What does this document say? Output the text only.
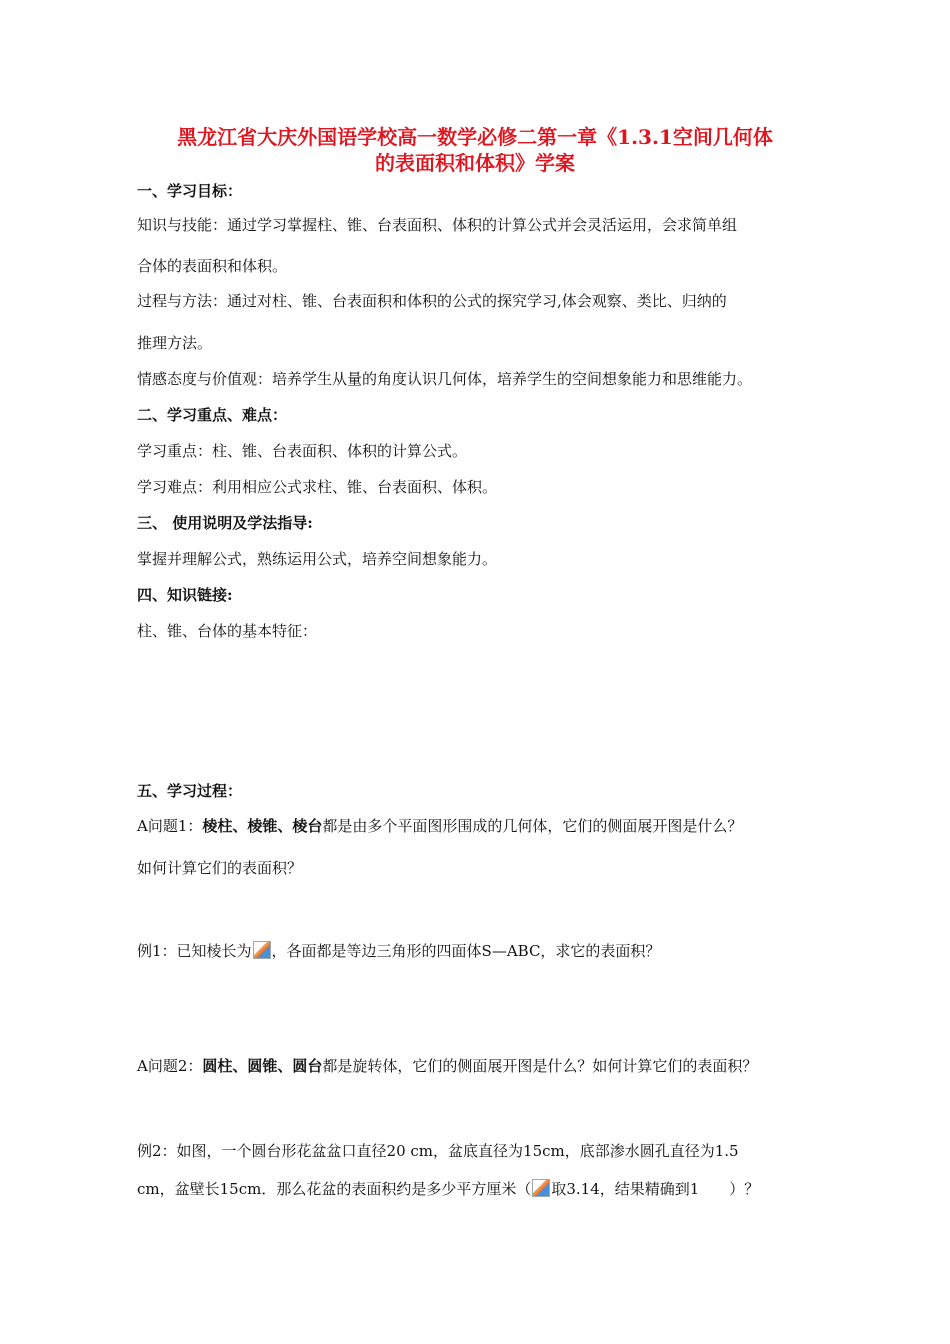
黑龙江省大庆外国语学校高一数学必修二第一章《1.3.1空间几何体
的表面积和体积》学案
一、学习目标：
知识与技能：通过学习掌握柱、锥、台表面积、体积的计算公式并会灵活运用，会求简单组
合体的表面积和体积。
过程与方法：通过对柱、锥、台表面积和体积的公式的探究学习,体会观察、类比、归纳的
推理方法。
情感态度与价值观：培养学生从量的角度认识几何体，培养学生的空间想象能力和思维能力。
二、学习重点、难点：
学习重点：柱、锥、台表面积、体积的计算公式。
学习难点：利用相应公式求柱、锥、台表面积、体积。
三、 使用说明及学法指导:
掌握并理解公式，熟练运用公式，培养空间想象能力。
四、知识链接:
柱、锥、台体的基本特征：
五、学习过程：
A问题1：棱柱、棱锥、棱台都是由多个平面图形围成的几何体，它们的侧面展开图是什么？
如何计算它们的表面积？
例1：已知棱长为 ，各面都是等边三角形的四面体S—ABC，求它的表面积？
A问题2：圆柱、圆锥、圆台都是旋转体，它们的侧面展开图是什么？如何计算它们的表面积？
例2：如图，一个圆台形花盆盆口直径20 cm，盆底直径为15cm，底部渗水圆孔直径为1.5
cm，盆壁长15cm．那么花盆的表面积约是多少平方厘米（ 取3.14，结果精确到1　　）？
